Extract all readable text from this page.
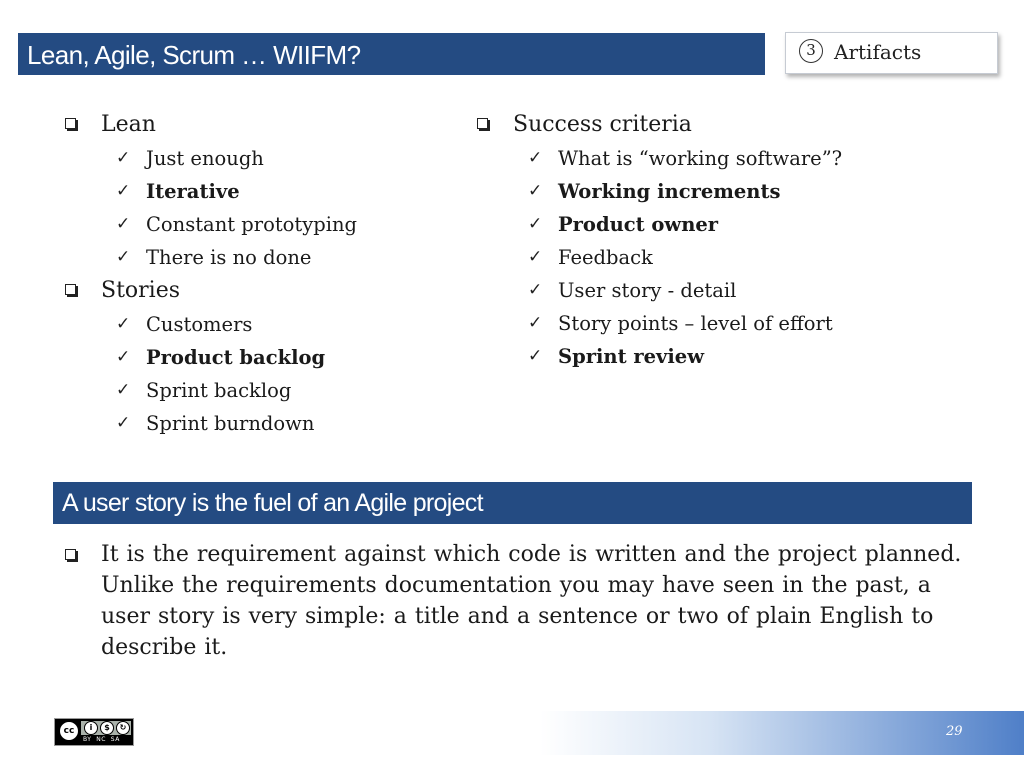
Lean, Agile, Scrum … WIIFM?	3 Artifacts
Lean
✓ Just enough
✓ Iterative
✓ Constant prototyping
✓ There is no done
Stories
✓ Customers
✓ Product backlog
✓ Sprint backlog
✓ Sprint burndown
Success criteria
✓ What is “working software”?
✓ Working increments
✓ Product owner
✓ Feedback
✓ User story - detail
✓ Story points – level of effort
✓ Sprint review
A user story is the fuel of an Agile project
It is the requirement against which code is written and the project planned. Unlike the requirements documentation you may have seen in the past, a user story is very simple: a title and a sentence or two of plain English to describe it.
29
cc	i	$	↻
BY NC SA
